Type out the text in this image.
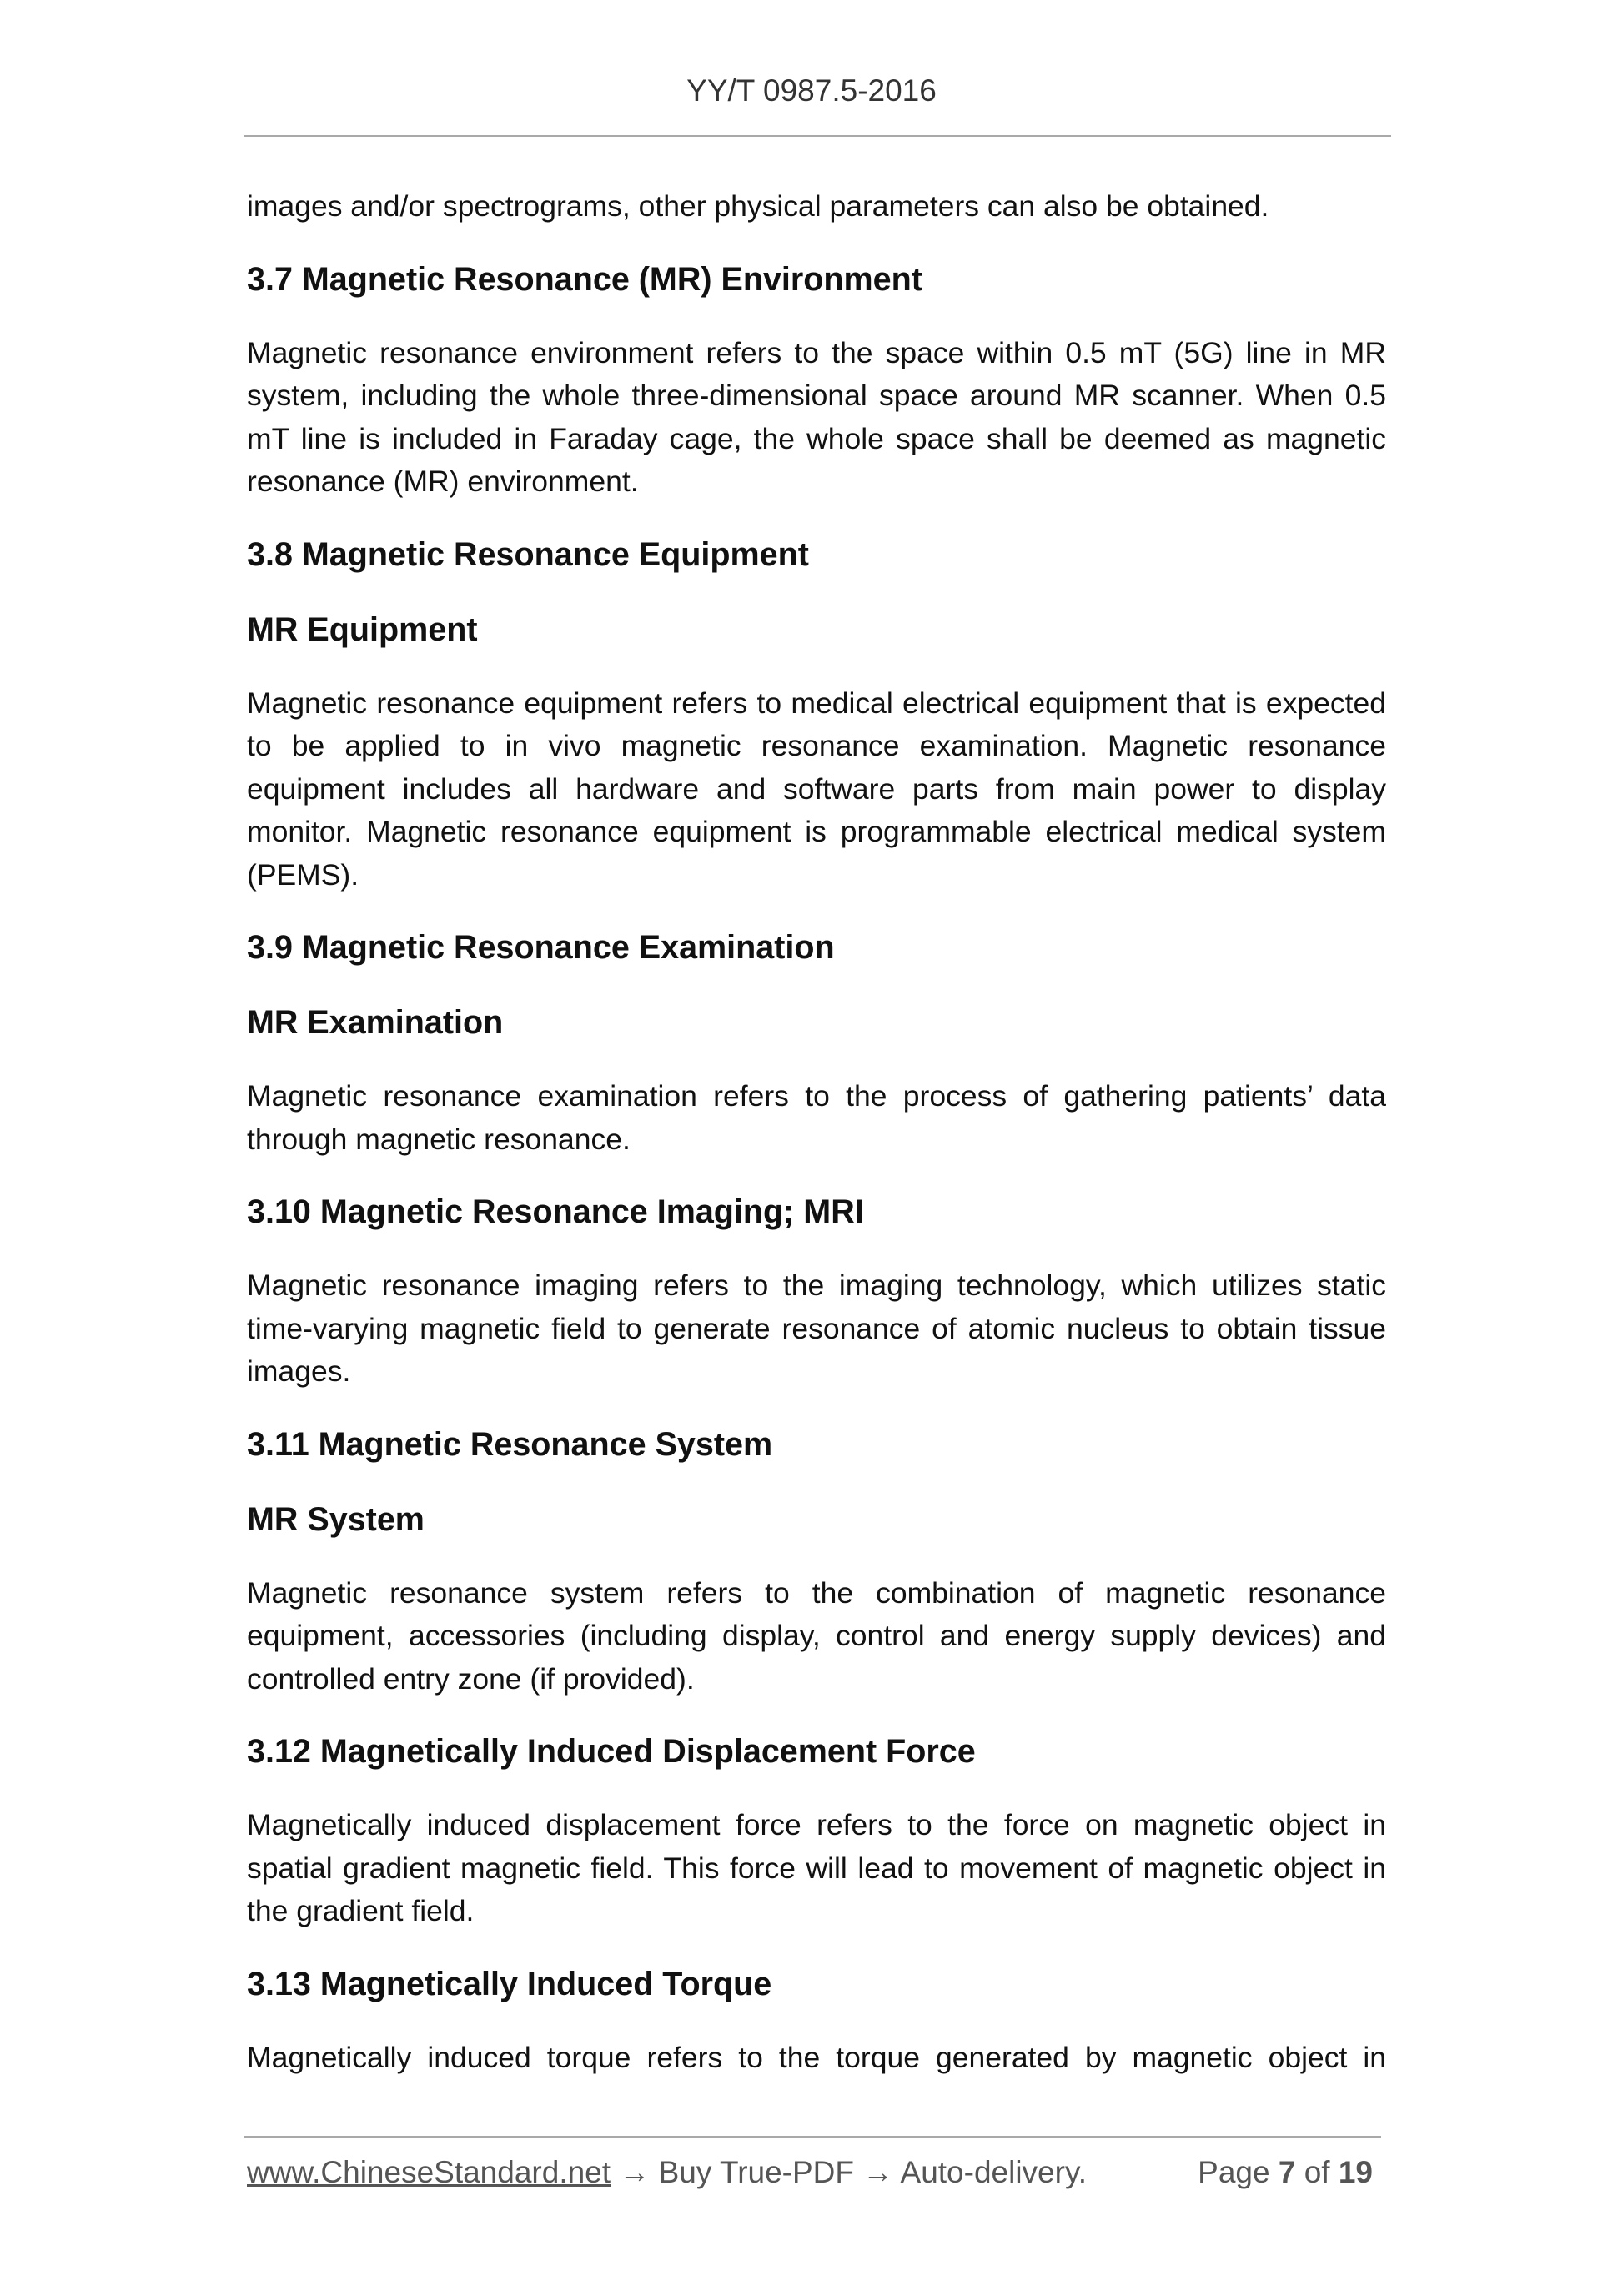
YY/T 0987.5-2016

images and/or spectrograms, other physical parameters can also be obtained.

3.7 Magnetic Resonance (MR) Environment

Magnetic resonance environment refers to the space within 0.5 mT (5G) line in MR system, including the whole three-dimensional space around MR scanner. When 0.5 mT line is included in Faraday cage, the whole space shall be deemed as magnetic resonance (MR) environment.

3.8 Magnetic Resonance Equipment
MR Equipment

Magnetic resonance equipment refers to medical electrical equipment that is expected to be applied to in vivo magnetic resonance examination. Magnetic resonance equipment includes all hardware and software parts from main power to display monitor. Magnetic resonance equipment is programmable electrical medical system (PEMS).

3.9 Magnetic Resonance Examination
MR Examination

Magnetic resonance examination refers to the process of gathering patients’ data through magnetic resonance.

3.10 Magnetic Resonance Imaging; MRI

Magnetic resonance imaging refers to the imaging technology, which utilizes static time-varying magnetic field to generate resonance of atomic nucleus to obtain tissue images.

3.11 Magnetic Resonance System
MR System

Magnetic resonance system refers to the combination of magnetic resonance equipment, accessories (including display, control and energy supply devices) and controlled entry zone (if provided).

3.12 Magnetically Induced Displacement Force

Magnetically induced displacement force refers to the force on magnetic object in spatial gradient magnetic field. This force will lead to movement of magnetic object in the gradient field.

3.13 Magnetically Induced Torque

Magnetically induced torque refers to the torque generated by magnetic object in

www.ChineseStandard.net → Buy True-PDF → Auto-delivery.	Page 7 of 19
